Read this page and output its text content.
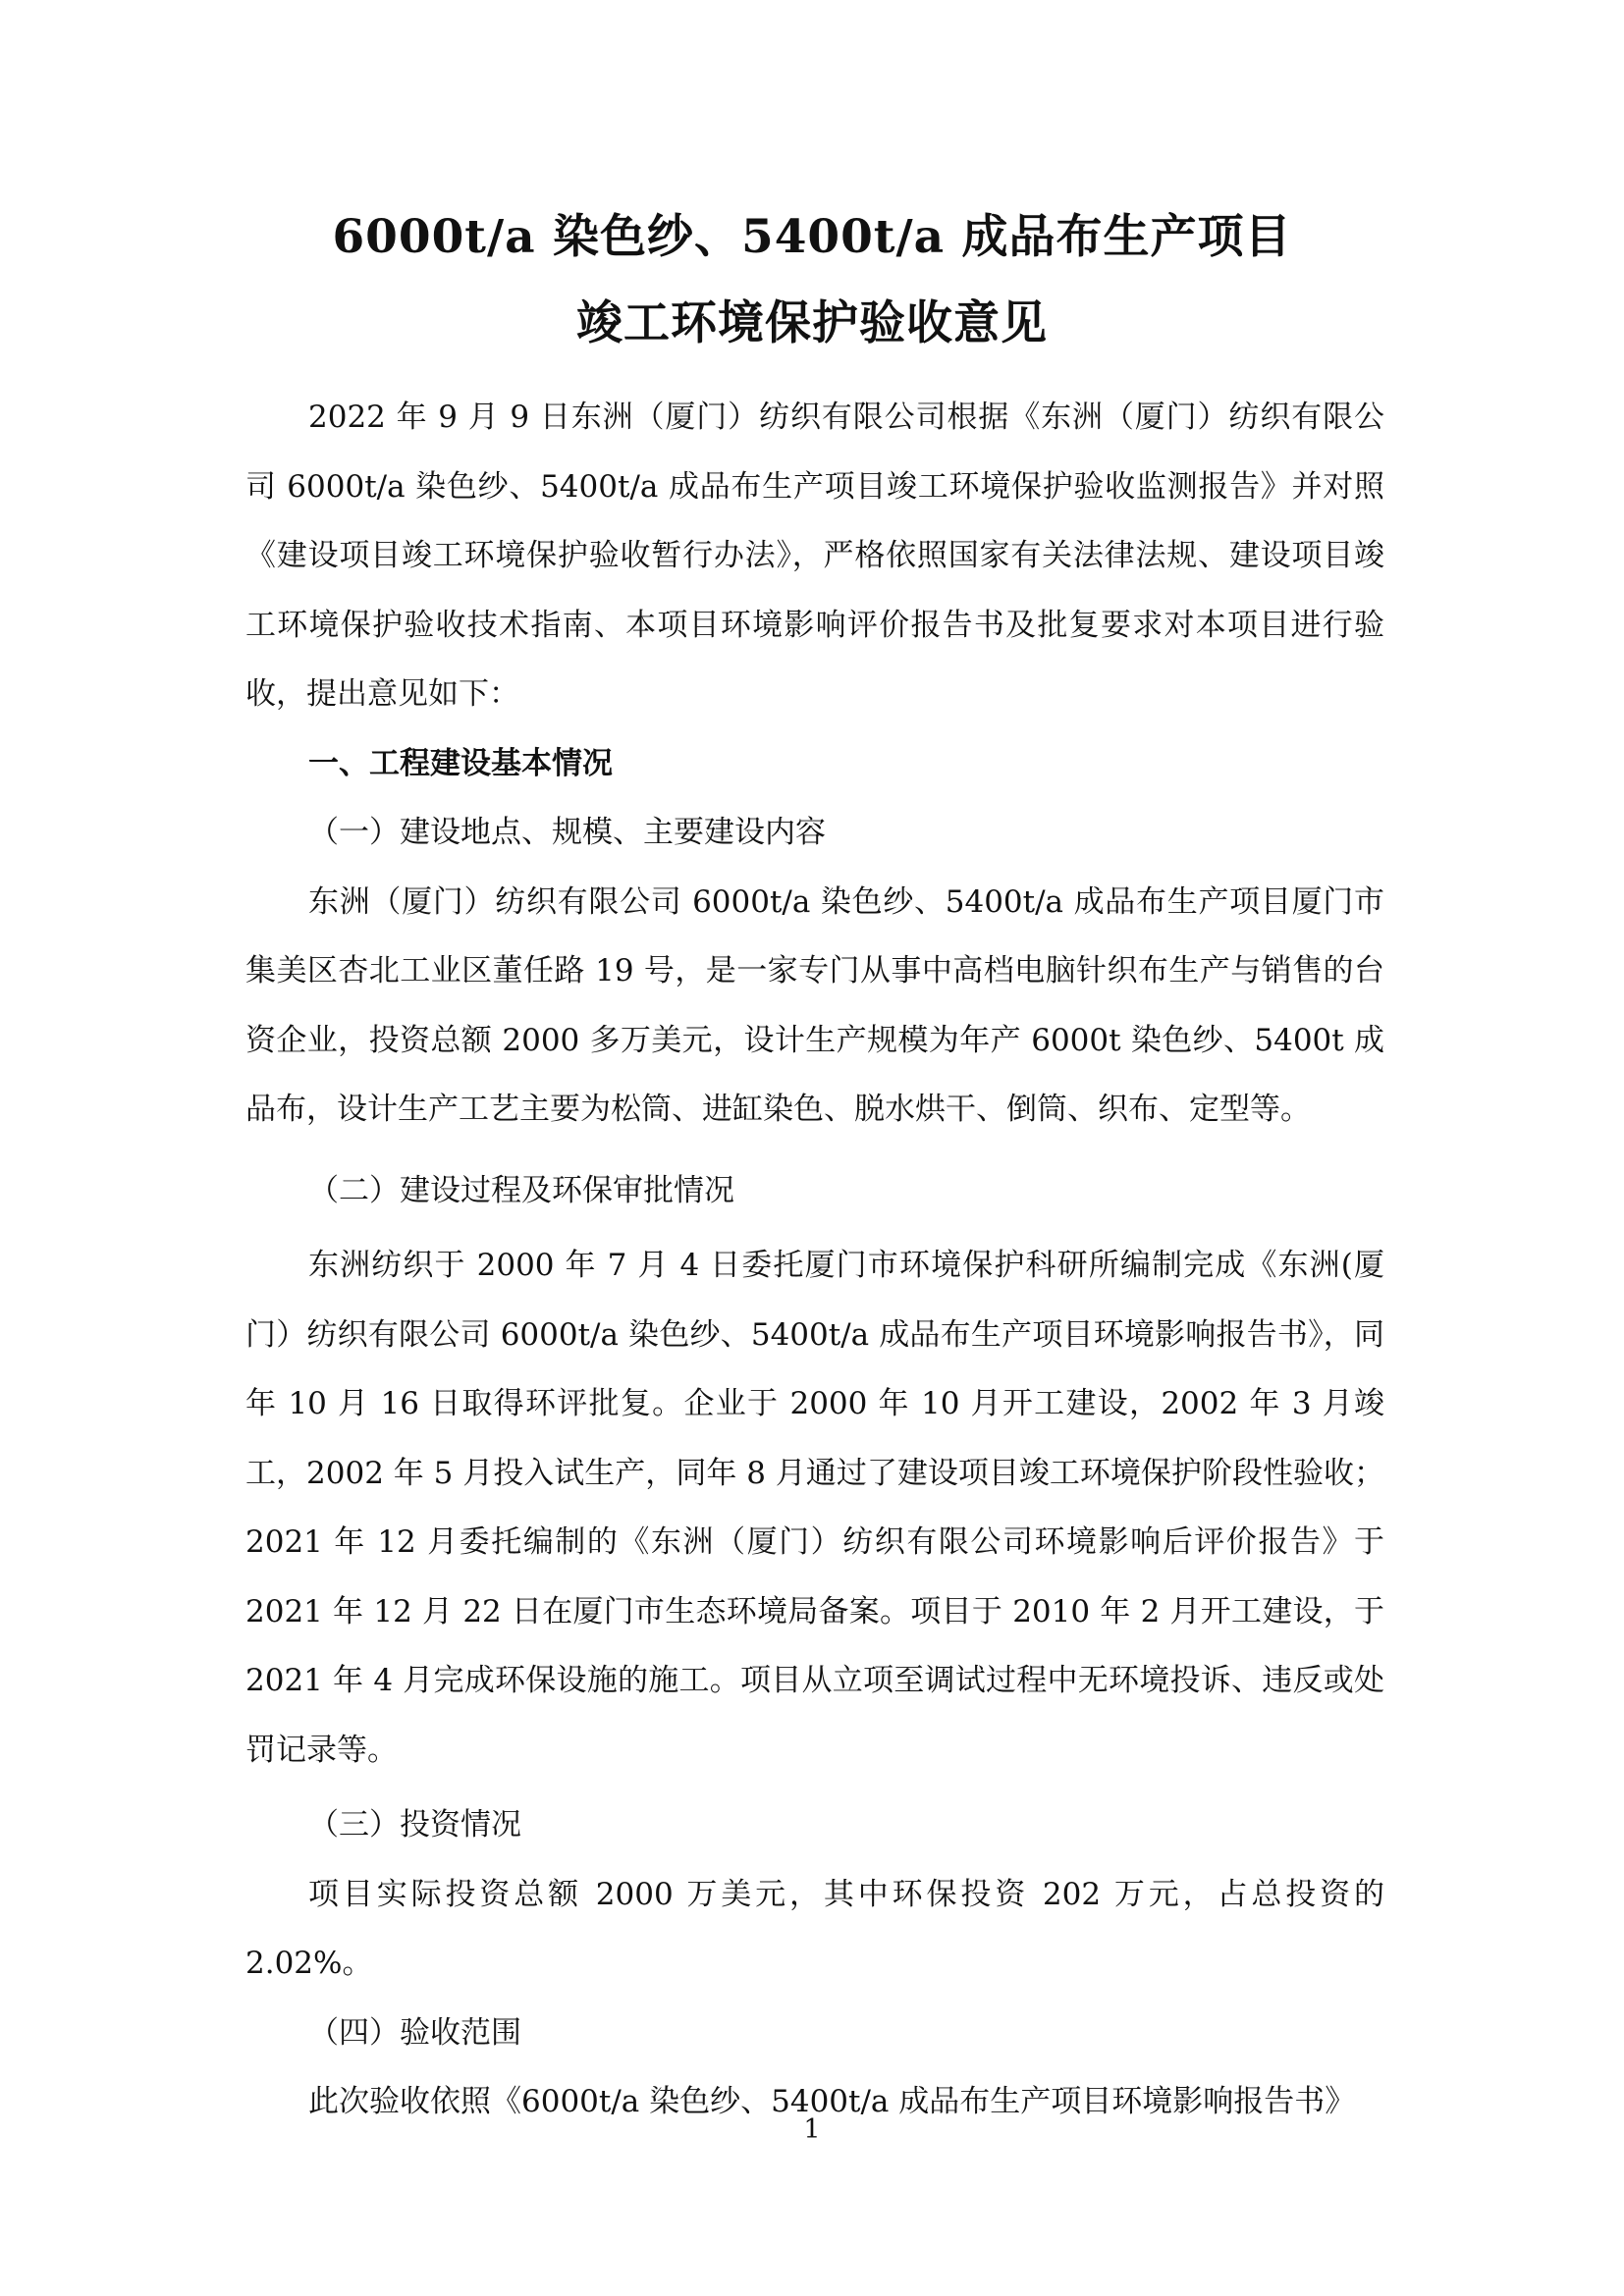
6000t/a 染色纱、5400t/a 成品布生产项目
竣工环境保护验收意见

2022 年 9 月 9 日东洲（厦门）纺织有限公司根据《东洲（厦门）纺织有限公司 6000t/a 染色纱、5400t/a 成品布生产项目竣工环境保护验收监测报告》并对照《建设项目竣工环境保护验收暂行办法》，严格依照国家有关法律法规、建设项目竣工环境保护验收技术指南、本项目环境影响评价报告书及批复要求对本项目进行验收，提出意见如下：

一、工程建设基本情况

（一）建设地点、规模、主要建设内容

东洲（厦门）纺织有限公司 6000t/a 染色纱、5400t/a 成品布生产项目厦门市集美区杏北工业区董任路 19 号，是一家专门从事中高档电脑针织布生产与销售的台资企业，投资总额 2000 多万美元，设计生产规模为年产 6000t 染色纱、5400t 成品布，设计生产工艺主要为松筒、进缸染色、脱水烘干、倒筒、织布、定型等。

（二）建设过程及环保审批情况

东洲纺织于 2000 年 7 月 4 日委托厦门市环境保护科研所编制完成《东洲(厦门）纺织有限公司 6000t/a 染色纱、5400t/a 成品布生产项目环境影响报告书》，同年 10 月 16 日取得环评批复。企业于 2000 年 10 月开工建设，2002 年 3 月竣工，2002 年 5 月投入试生产，同年 8 月通过了建设项目竣工环境保护阶段性验收；2021 年 12 月委托编制的《东洲（厦门）纺织有限公司环境影响后评价报告》于 2021 年 12 月 22 日在厦门市生态环境局备案。项目于 2010 年 2 月开工建设，于 2021 年 4 月完成环保设施的施工。项目从立项至调试过程中无环境投诉、违反或处罚记录等。

（三）投资情况

项目实际投资总额 2000 万美元，其中环保投资 202 万元，占总投资的 2.02%。

（四）验收范围

此次验收依照《6000t/a 染色纱、5400t/a 成品布生产项目环境影响报告书》

1
